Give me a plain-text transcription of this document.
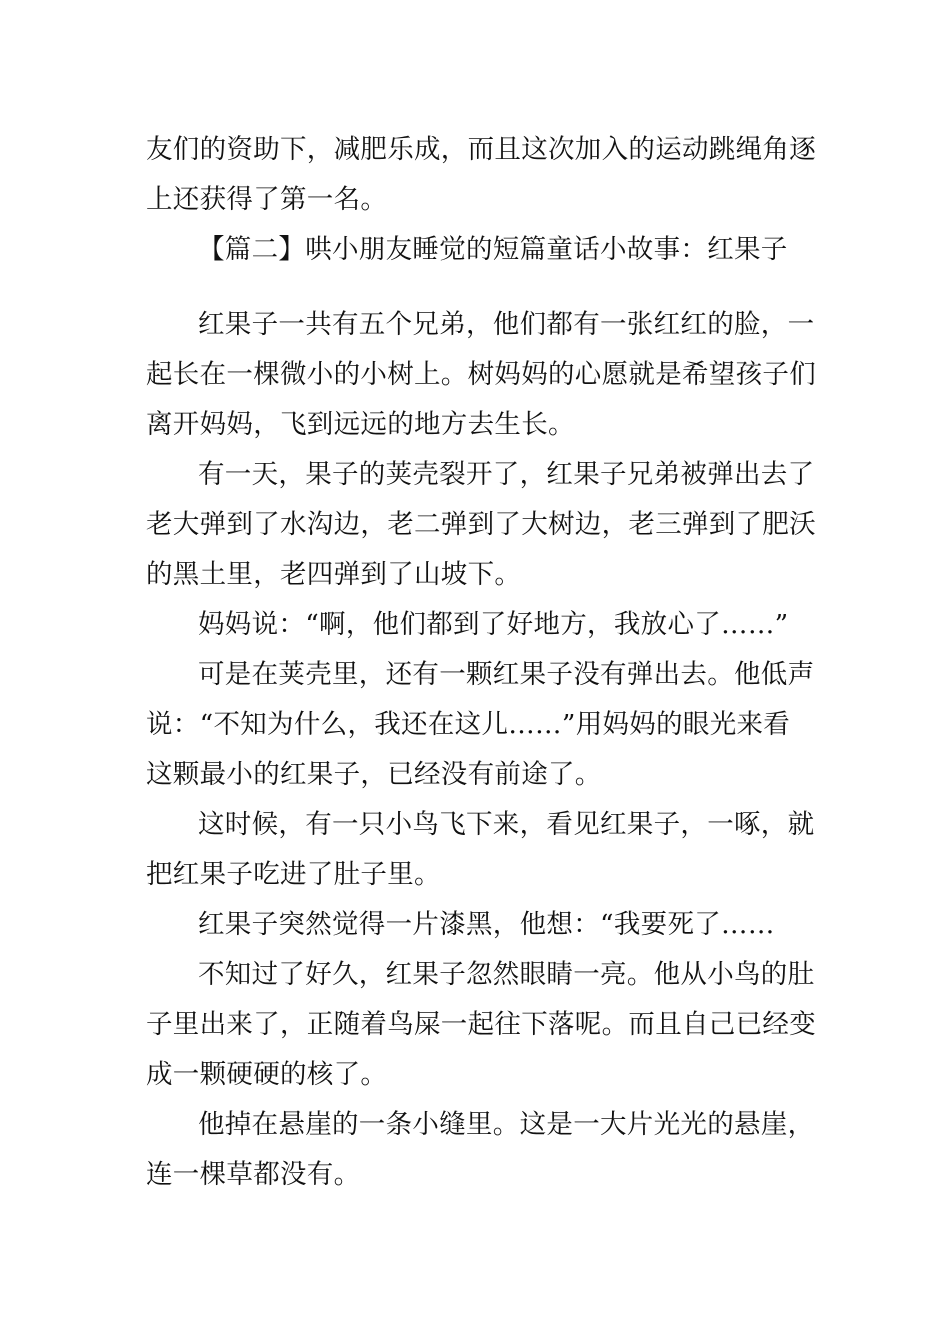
友们的资助下，减肥乐成，而且这次加入的运动跳绳角逐
上还获得了第一名。
【篇二】哄小朋友睡觉的短篇童话小故事：红果子
红果子一共有五个兄弟，他们都有一张红红的脸，一
起长在一棵微小的小树上。树妈妈的心愿就是希望孩子们
离开妈妈，飞到远远的地方去生长。
有一天，果子的荚壳裂开了，红果子兄弟被弹出去了
老大弹到了水沟边，老二弹到了大树边，老三弹到了肥沃
的黑土里，老四弹到了山坡下。
妈妈说：“啊，他们都到了好地方，我放心了……”
可是在荚壳里，还有一颗红果子没有弹出去。他低声
说：“不知为什么，我还在这儿……”用妈妈的眼光来看
这颗最小的红果子，已经没有前途了。
这时候，有一只小鸟飞下来，看见红果子，一啄，就
把红果子吃进了肚子里。
红果子突然觉得一片漆黑，他想：“我要死了……
不知过了好久，红果子忽然眼睛一亮。他从小鸟的肚
子里出来了，正随着鸟屎一起往下落呢。而且自己已经变
成一颗硬硬的核了。
他掉在悬崖的一条小缝里。这是一大片光光的悬崖，
连一棵草都没有。
